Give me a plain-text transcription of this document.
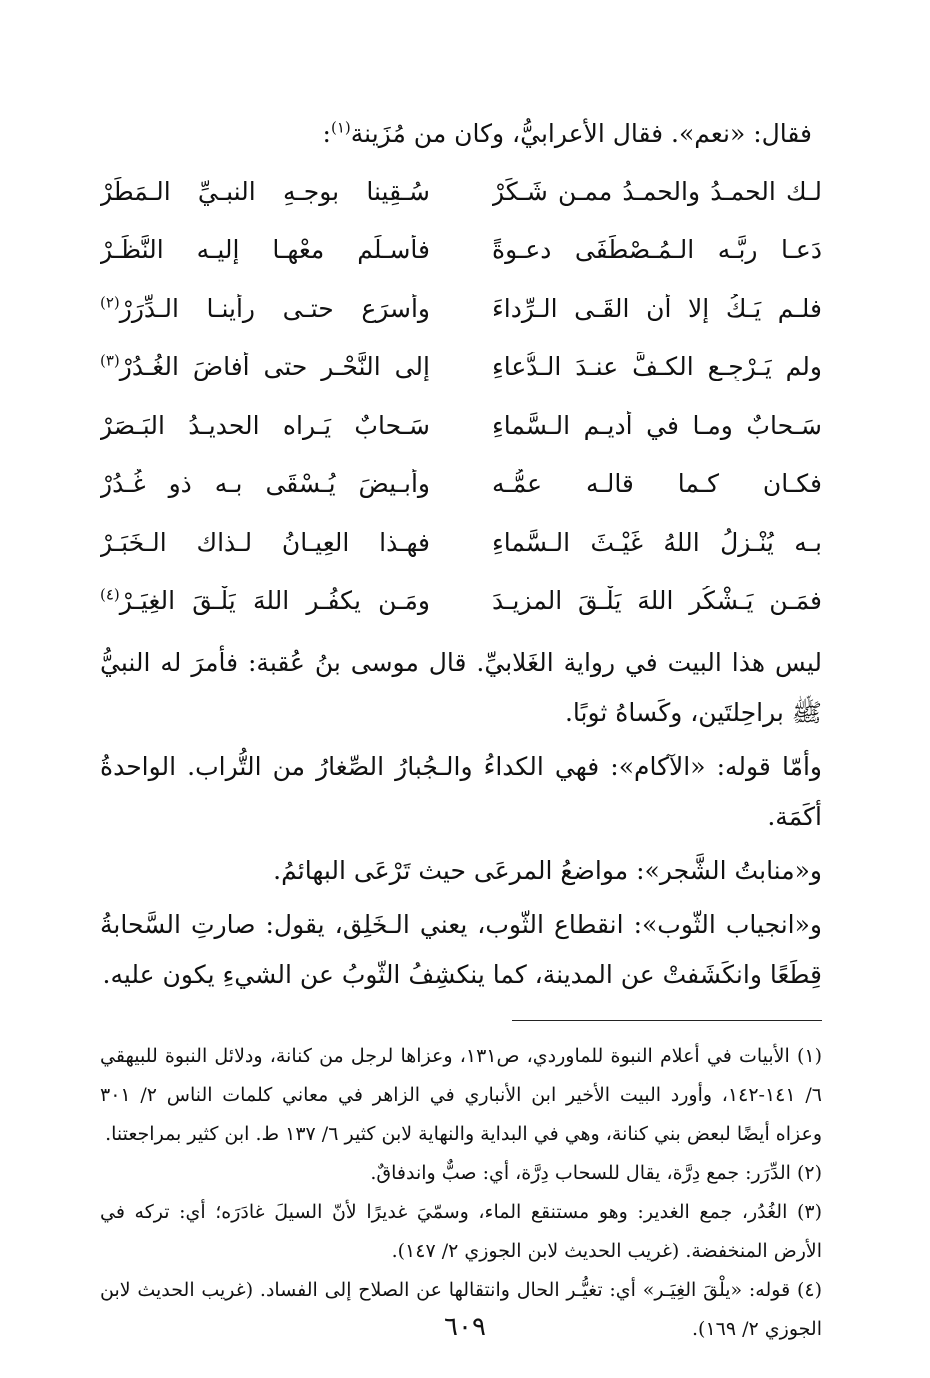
فقال: «نعم». فقال الأعرابيُّ، وكان من مُزَينة$^{(١)}$:

لـك الحمـدُ والحمـدُ ممـن شَـكَرْ
سُـقِينا بوجـهِ النبـيِّ الـمَطَرْ
دَعـا ربَّـه الـمُـصْطَفَى دعـوةً
فأسـلَم معْهـا إليـه النَّظَـرْ
فلـم يَـكُ إلا أن القَـى الـرِّداءَ
وأسرَع حتـى رأينـا الـدِّرَرْ$^{(٢)}$
ولم يَـرْجِـعِ الكـفَّ عنـدَ الـدُّعاءِ
إلى النَّحْـرِ حتى أفاضَ الغُـدُرْ$^{(٣)}$
سَـحابٌ ومـا في أديـمِ الـسَّماءِ
سَـحابٌ يَـراه الحديـدُ البَـصَرْ
فكـان كـما قالـه عمُّـه
وأبـيضَ يُـسْقَى بـه ذو غُـدُرْ
بـه يُنْـزِلُ اللهُ غَيْـثَ الـسَّماءِ
فهـذا العِيـانُ لـذاك الـخَبَـرْ
فمَـن يَـشْكُرِ اللهَ يَلْـقَ المزيـدَ
ومَـن يكفُـرِ اللهَ يَلْـقَ الغِيَـرْ$^{(٤)}$

ليس هذا البيت في رواية الغَلابيِّ. قال موسى بنُ عُقبة: فأمرَ له النبيُّ ﷺ براحِلتَين، وكَساهُ ثوبًا.

وأمّا قوله: «الآكام»: فهي الكداءُ والـجُبارُ الصِّغارُ من التُّراب. الواحدةُ أكَمَة.

و«منابتُ الشَّجر»: مواضعُ المرعَى حيث تَرْعَى البهائمُ.

و«انجياب الثّوب»: انقطاع الثّوب، يعني الـخَلِق، يقول: صارتِ السَّحابةُ قِطَعًا وانكَشَفتْ عن المدينة، كما ينكشِفُ الثّوبُ عن الشيءِ يكون عليه.

(١) الأبيات في أعلام النبوة للماوردي، ص١٣١، وعزاها لرجل من كنانة، ودلائل النبوة للبيهقي ٦/ ١٤١-١٤٢، وأورد البيت الأخير ابن الأنباري في الزاهر في معاني كلمات الناس ٢/ ٣٠١ وعزاه أيضًا لبعض بني كنانة، وهي في البداية والنهاية لابن كثير ٦/ ١٣٧ ط. ابن كثير بمراجعتنا.

(٢) الدِّرَر: جمع دِرَّة، يقال للسحاب دِرَّة، أي: صبٌّ واندفاقٌ.

(٣) الغُدُر، جمع الغدير: وهو مستنقع الماء، وسمّيَ غديرًا لأنّ السيلَ غادَرَه؛ أي: تركه في الأرض المنخفضة. (غريب الحديث لابن الجوزي ٢/ ١٤٧).

(٤) قوله: «يلْقَ الغِيَـر» أي: تغيُّـر الحال وانتقالها عن الصلاح إلى الفساد. (غريب الحديث لابن الجوزي ٢/ ١٦٩).

٦٠٩
